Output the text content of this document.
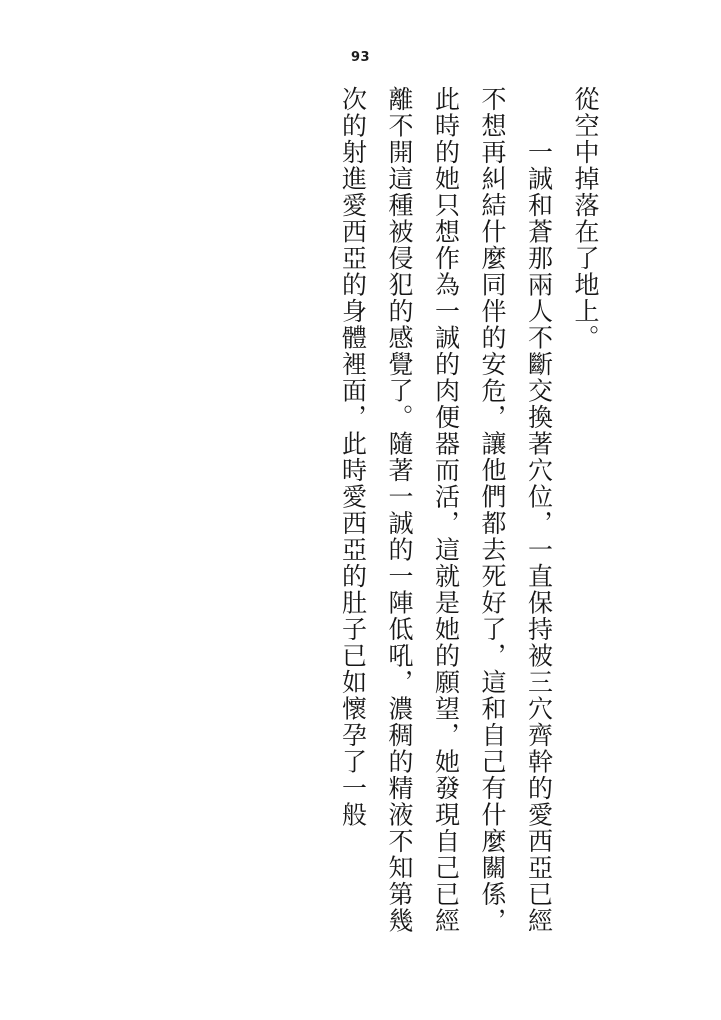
93

從空中掉落在了地上。

一誠和蒼那兩人不斷交換著穴位，一直保持被三穴齊幹的愛西亞已經不想再糾結什麼同伴的安危，讓他們都去死好了，這和自己有什麼關係，此時的她只想作為一誠的肉便器而活，這就是她的願望，她發現自己已經離不開這種被侵犯的感覺了。隨著一誠的一陣低吼，濃稠的精液不知第幾次的射進愛西亞的身體裡面，此時愛西亞的肚子已如懷孕了一般
